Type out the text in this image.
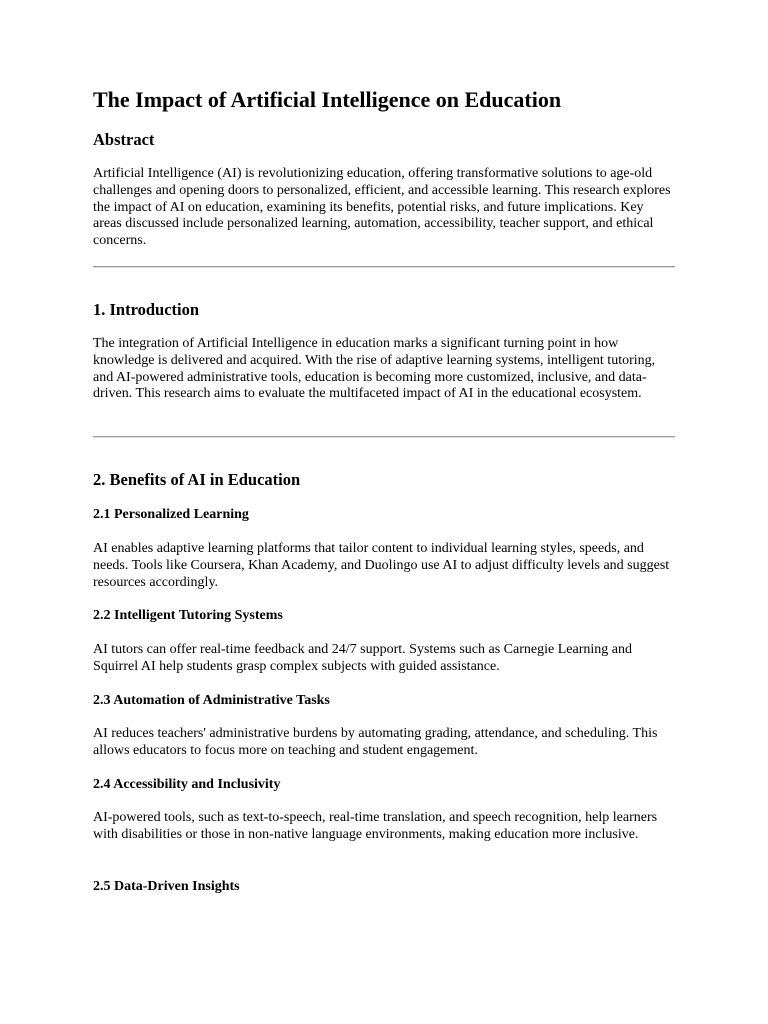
The Impact of Artificial Intelligence on Education
Abstract

Artificial Intelligence (AI) is revolutionizing education, offering transformative solutions to age-old challenges and opening doors to personalized, efficient, and accessible learning. This research explores the impact of AI on education, examining its benefits, potential risks, and future implications. Key areas discussed include personalized learning, automation, accessibility, teacher support, and ethical concerns.

1. Introduction

The integration of Artificial Intelligence in education marks a significant turning point in how knowledge is delivered and acquired. With the rise of adaptive learning systems, intelligent tutoring, and AI-powered administrative tools, education is becoming more customized, inclusive, and data-driven. This research aims to evaluate the multifaceted impact of AI in the educational ecosystem.

2. Benefits of AI in Education
2.1 Personalized Learning

AI enables adaptive learning platforms that tailor content to individual learning styles, speeds, and needs. Tools like Coursera, Khan Academy, and Duolingo use AI to adjust difficulty levels and suggest resources accordingly.

2.2 Intelligent Tutoring Systems

AI tutors can offer real-time feedback and 24/7 support. Systems such as Carnegie Learning and Squirrel AI help students grasp complex subjects with guided assistance.

2.3 Automation of Administrative Tasks

AI reduces teachers' administrative burdens by automating grading, attendance, and scheduling. This allows educators to focus more on teaching and student engagement.

2.4 Accessibility and Inclusivity

AI-powered tools, such as text-to-speech, real-time translation, and speech recognition, help learners with disabilities or those in non-native language environments, making education more inclusive.

2.5 Data-Driven Insights
